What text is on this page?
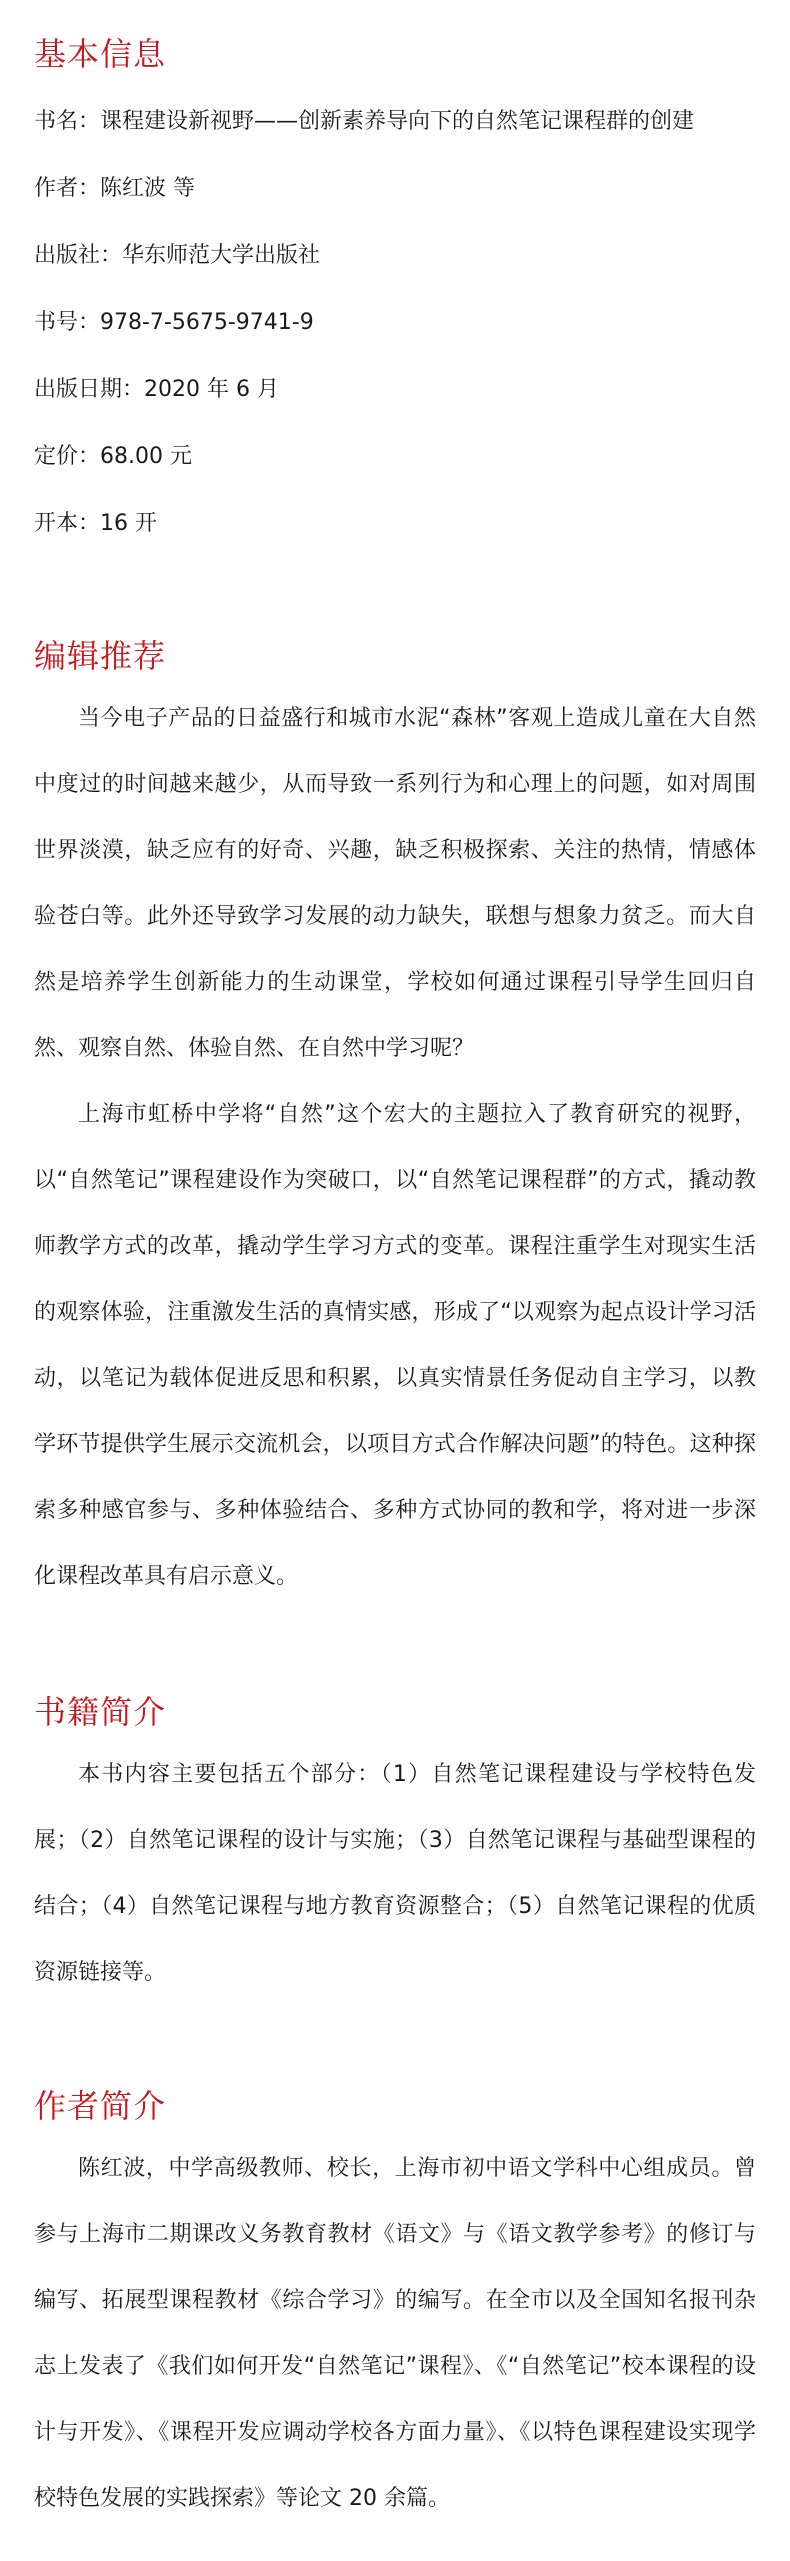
基本信息

书名：课程建设新视野——创新素养导向下的自然笔记课程群的创建

作者：陈红波 等

出版社：华东师范大学出版社

书号：978-7-5675-9741-9

出版日期：2020 年 6 月

定价：68.00 元

开本：16 开

编辑推荐

当今电子产品的日益盛行和城市水泥“森林”客观上造成儿童在大自然中度过的时间越来越少，从而导致一系列行为和心理上的问题，如对周围世界淡漠，缺乏应有的好奇、兴趣，缺乏积极探索、关注的热情，情感体验苍白等。此外还导致学习发展的动力缺失，联想与想象力贫乏。而大自然是培养学生创新能力的生动课堂，学校如何通过课程引导学生回归自然、观察自然、体验自然、在自然中学习呢？

上海市虹桥中学将“自然”这个宏大的主题拉入了教育研究的视野，以“自然笔记”课程建设作为突破口，以“自然笔记课程群”的方式，撬动教师教学方式的改革，撬动学生学习方式的变革。课程注重学生对现实生活的观察体验，注重激发生活的真情实感，形成了“以观察为起点设计学习活动，以笔记为载体促进反思和积累，以真实情景任务促动自主学习，以教学环节提供学生展示交流机会，以项目方式合作解决问题”的特色。这种探索多种感官参与、多种体验结合、多种方式协同的教和学，将对进一步深化课程改革具有启示意义。

书籍简介

本书内容主要包括五个部分：（1）自然笔记课程建设与学校特色发展；（2）自然笔记课程的设计与实施；（3）自然笔记课程与基础型课程的结合；（4）自然笔记课程与地方教育资源整合；（5）自然笔记课程的优质资源链接等。

作者简介

陈红波，中学高级教师、校长，上海市初中语文学科中心组成员。曾参与上海市二期课改义务教育教材《语文》与《语文教学参考》的修订与编写、拓展型课程教材《综合学习》的编写。在全市以及全国知名报刊杂志上发表了《我们如何开发“自然笔记”课程》、《“自然笔记”校本课程的设计与开发》、《课程开发应调动学校各方面力量》、《以特色课程建设实现学校特色发展的实践探索》等论文 20 余篇。
